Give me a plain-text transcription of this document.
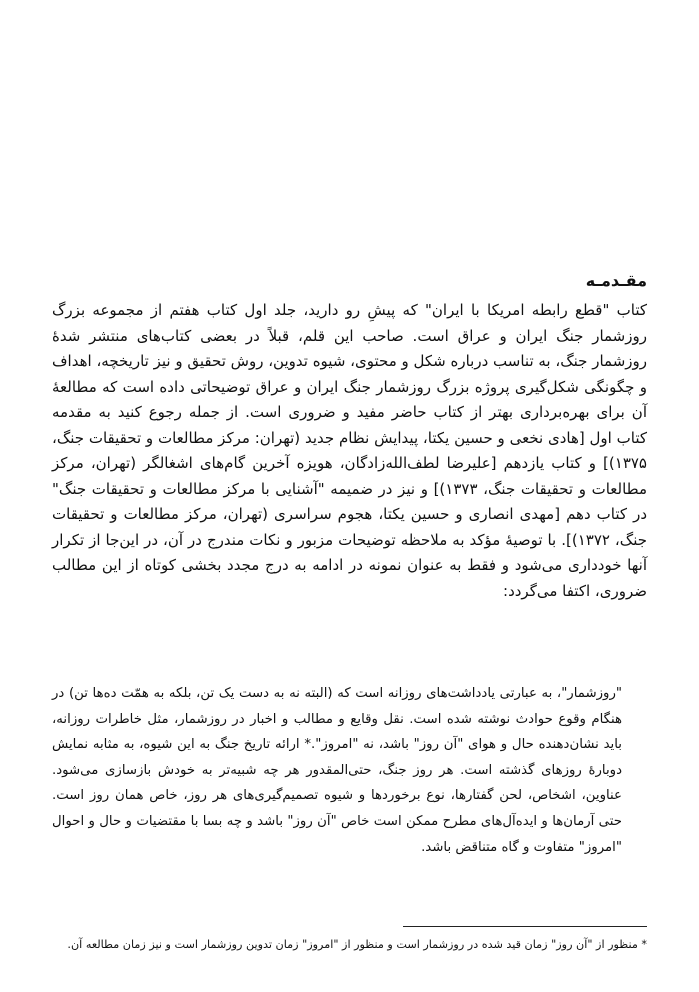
مقـدمـه

کتاب "قطع رابطه امریکا با ایران" که پیشِ رو دارید، جلد اول کتاب هفتم از مجموعه بزرگ روزشمار جنگ ایران و عراق است. صاحب این قلم، قبلاً در بعضی کتاب‌های منتشر شدهٔ روزشمار جنگ، به تناسب درباره شکل و محتوی، شیوه تدوین، روش تحقیق و نیز تاریخچه، اهداف و چگونگی شکل‌گیری پروژه بزرگ روزشمار جنگ ایران و عراق توضیحاتی داده است که مطالعهٔ آن برای بهره‌برداری بهتر از کتاب حاضر مفید و ضروری است. از جمله رجوع کنید به مقدمه کتاب اول [هادی نخعی و حسین یکتا، پیدایش نظام جدید (تهران: مرکز مطالعات و تحقیقات جنگ، ۱۳۷۵)] و کتاب یازدهم [علیرضا لطف‌الله‌زادگان، هویزه آخرین گام‌های اشغالگر (تهران، مرکز مطالعات و تحقیقات جنگ، ۱۳۷۳)] و نیز در ضمیمه "آشنایی با مرکز مطالعات و تحقیقات جنگ" در کتاب دهم [مهدی انصاری و حسین یکتا، هجوم سراسری (تهران، مرکز مطالعات و تحقیقات جنگ، ۱۳۷۲)]. با توصیهٔ مؤکد به ملاحظه توضیحات مزبور و نکات مندرج در آن، در این‌جا از تکرار آنها خودداری می‌شود و فقط به عنوان نمونه در ادامه به درج مجدد بخشی کوتاه از این مطالب ضروری، اکتفا می‌گردد:

"روزشمار"، به عبارتی یادداشت‌های روزانه است که (البته نه به دست یک تن، بلکه به همّت ده‌ها تن) در هنگام وقوع حوادث نوشته شده است. نقل وقایع و مطالب و اخبار در روزشمار، مثل خاطرات روزانه، باید نشان‌دهنده حال و هوای "آن روز" باشد، نه "امروز".* ارائه تاریخ جنگ به این شیوه، به مثابه نمایش دوبارهٔ روزهای گذشته است. هر روز جنگ، حتی‌المقدور هر چه شبیه‌تر به خودش بازسازی می‌شود. عناوین، اشخاص، لحن گفتارها، نوع برخوردها و شیوه تصمیم‌گیری‌های هر روز، خاص همان روز است. حتی آرمان‌ها و ایده‌آل‌های مطرح ممکن است خاص "آن روز" باشد و چه بسا با مقتضیات و حال و احوال "امروز" متفاوت و گاه متناقض باشد.

* منظور از "آن روز" زمان قید شده در روزشمار است و منظور از "امروز" زمان تدوین روزشمار است و نیز زمان مطالعه آن.
